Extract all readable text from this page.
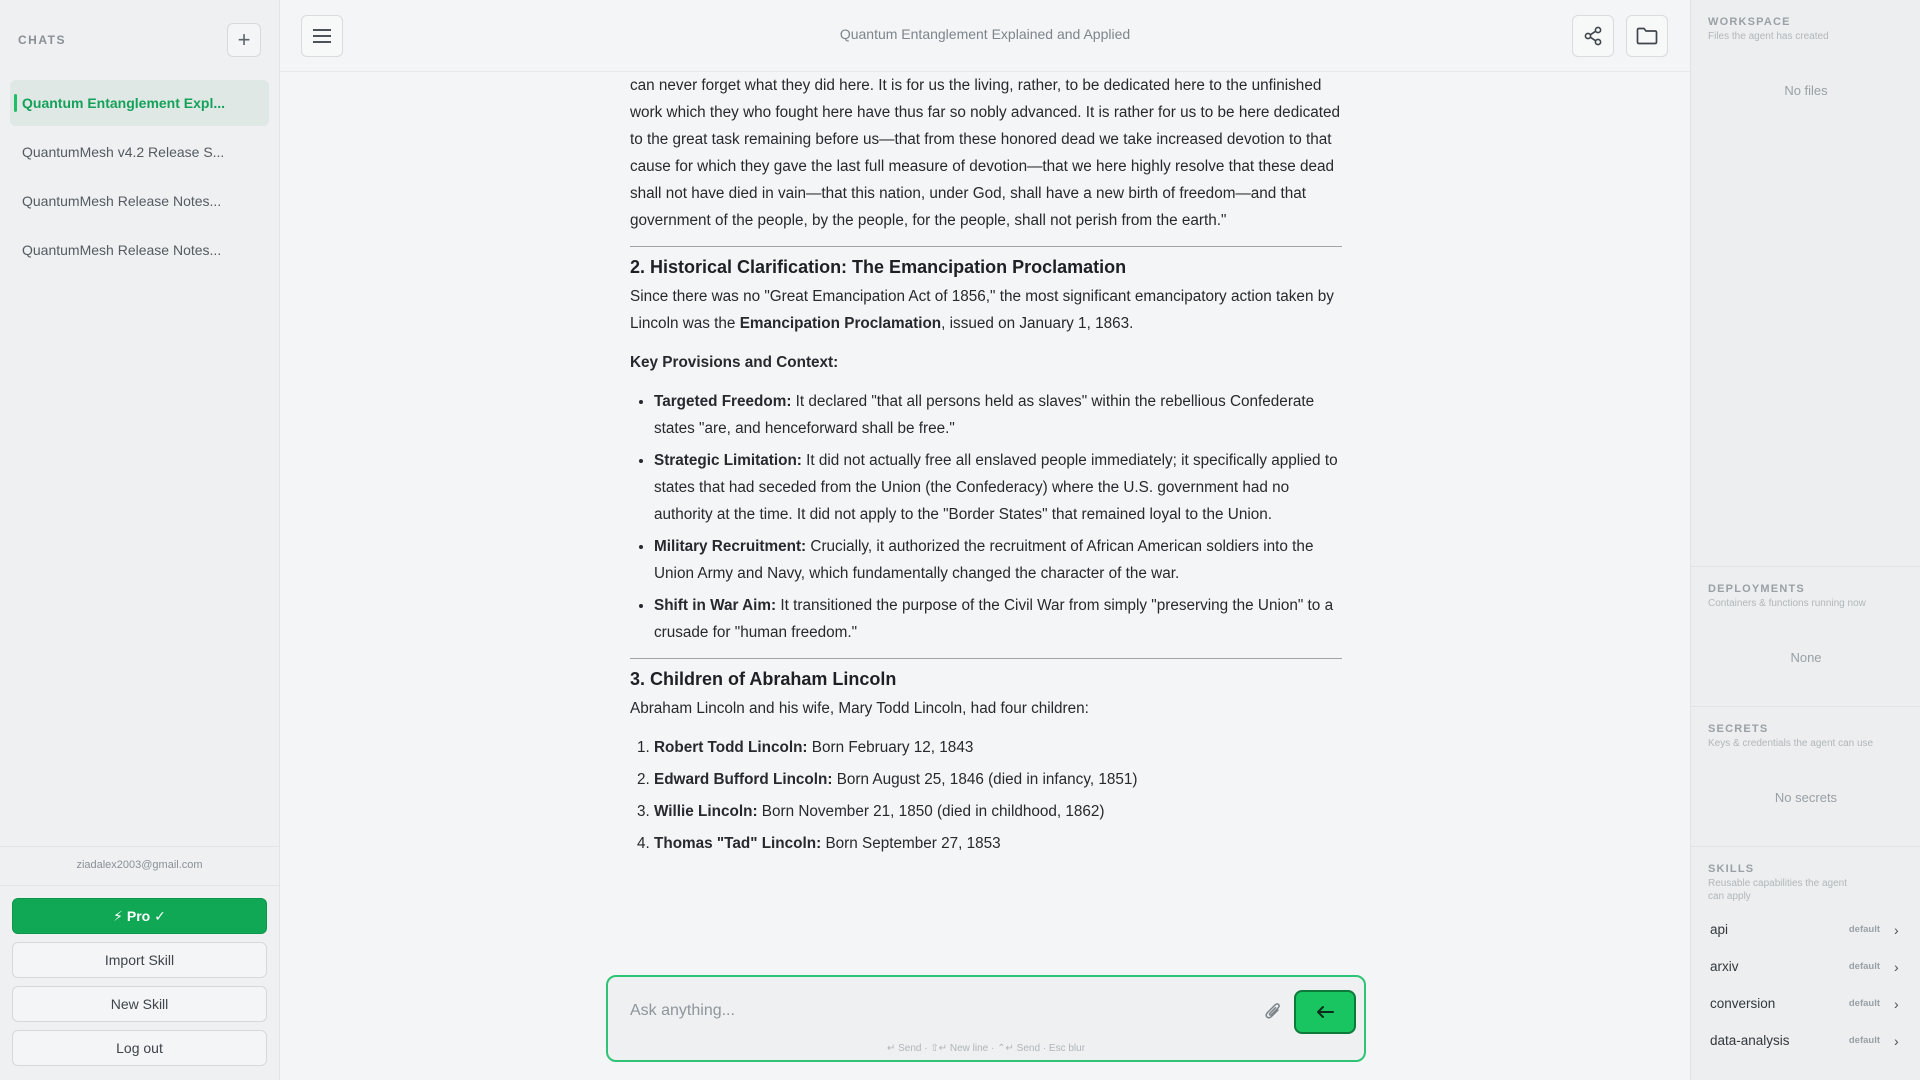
CHATS	+
Quantum Entanglement Expl...
QuantumMesh v4.2 Release S...
QuantumMesh Release Notes...
QuantumMesh Release Notes...
ziadalex2003@gmail.com
⚡ Pro ✓
Import Skill
New Skill
Log out
Quantum Entanglement Explained and Applied

can never forget what they did here. It is for us the living, rather, to be dedicated here to the unfinished work which they who fought here have thus far so nobly advanced. It is rather for us to be here dedicated to the great task remaining before us—that from these honored dead we take increased devotion to that cause for which they gave the last full measure of devotion—that we here highly resolve that these dead shall not have died in vain—that this nation, under God, shall have a new birth of freedom—and that government of the people, by the people, for the people, shall not perish from the earth."

2. Historical Clarification: The Emancipation Proclamation

Since there was no "Great Emancipation Act of 1856," the most significant emancipatory action taken by Lincoln was the Emancipation Proclamation, issued on January 1, 1863.

Key Provisions and Context:

• Targeted Freedom: It declared "that all persons held as slaves" within the rebellious Confederate states "are, and henceforward shall be free."
• Strategic Limitation: It did not actually free all enslaved people immediately; it specifically applied to states that had seceded from the Union (the Confederacy) where the U.S. government had no authority at the time. It did not apply to the "Border States" that remained loyal to the Union.
• Military Recruitment: Crucially, it authorized the recruitment of African American soldiers into the Union Army and Navy, which fundamentally changed the character of the war.
• Shift in War Aim: It transitioned the purpose of the Civil War from simply "preserving the Union" to a crusade for "human freedom."
3. Children of Abraham Lincoln

Abraham Lincoln and his wife, Mary Todd Lincoln, had four children:

1. Robert Todd Lincoln: Born February 12, 1843
2. Edward Bufford Lincoln: Born August 25, 1846 (died in infancy, 1851)
3. Willie Lincoln: Born November 21, 1850 (died in childhood, 1862)
4. Thomas "Tad" Lincoln: Born September 27, 1853
Ask anything...
↵ Send · ⇧↵ New line · ⌃↵ Send · Esc blur
WORKSPACE
Files the agent has created
No files
DEPLOYMENTS
Containers & functions running now
None
SECRETS
Keys & credentials the agent can use
No secrets
SKILLS
Reusable capabilities the agent can apply
api	default ›
arxiv	default ›
conversion	default ›
data-analysis	default ›
